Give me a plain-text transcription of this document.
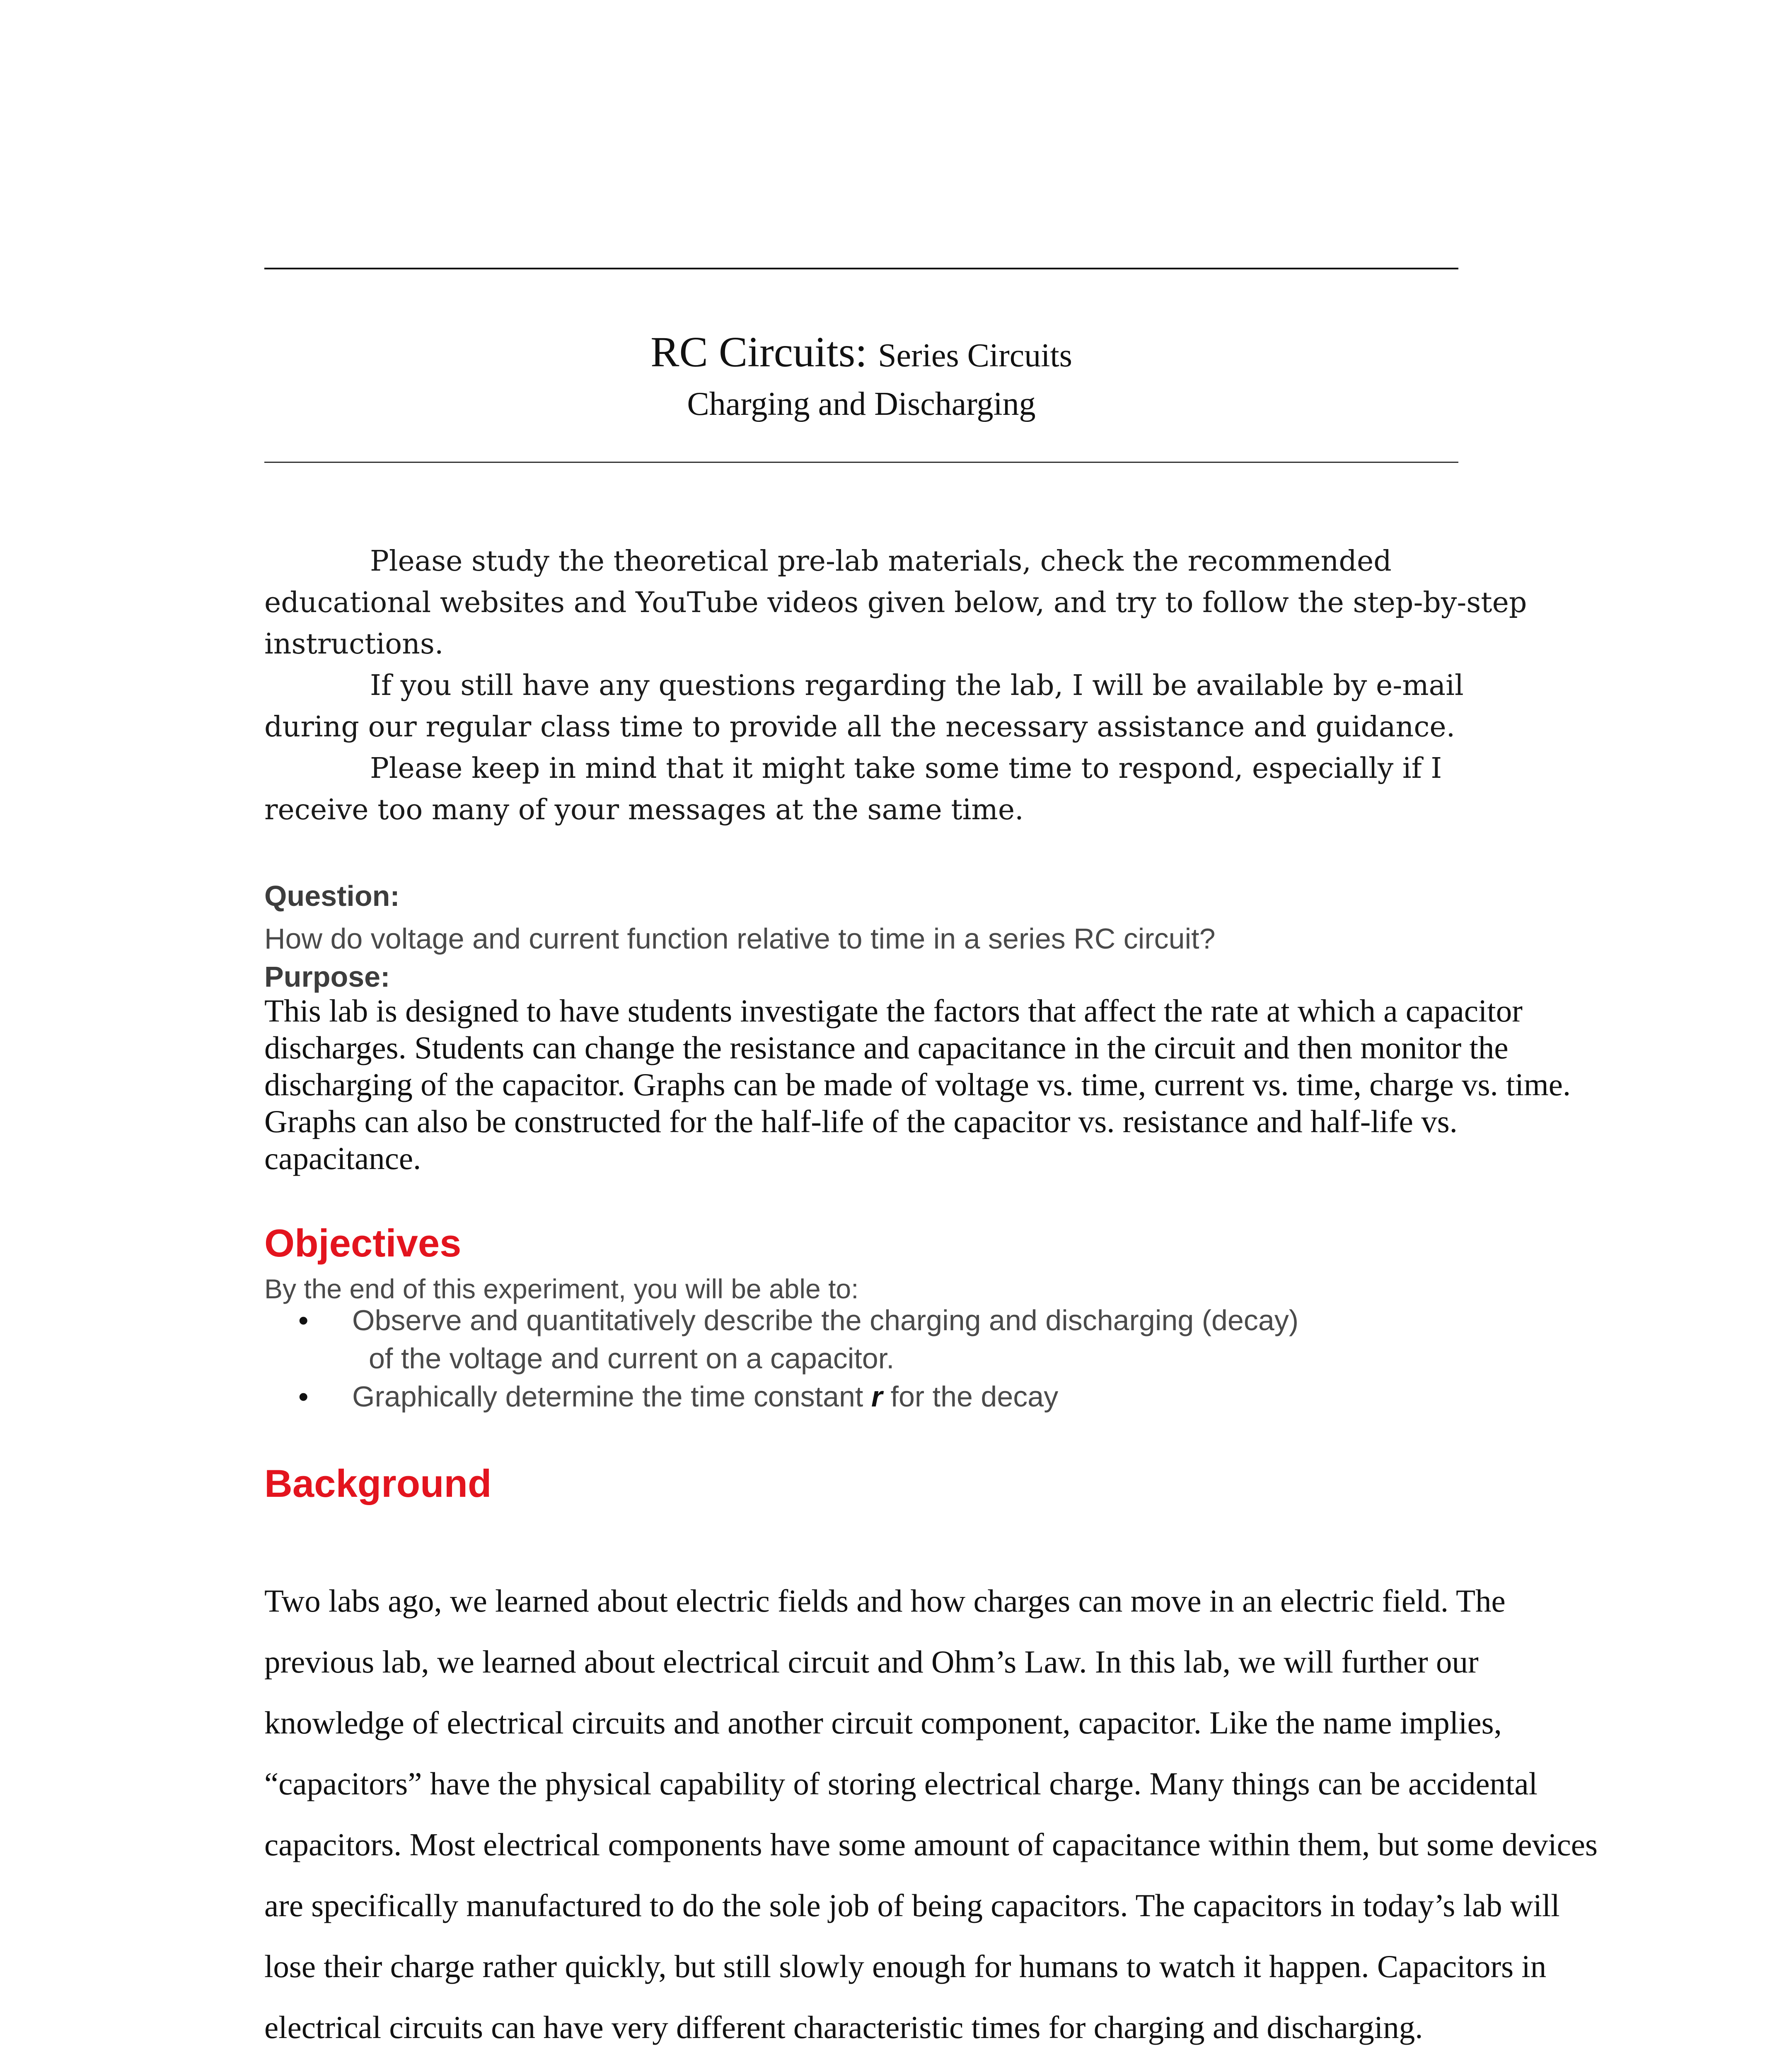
RC Circuits: Series Circuits
Charging and Discharging

Please study the theoretical pre-lab materials, check the recommended educational websites and YouTube videos given below, and try to follow the step-by-step instructions.

If you still have any questions regarding the lab, I will be available by e-mail during our regular class time to provide all the necessary assistance and guidance.

Please keep in mind that it might take some time to respond, especially if I receive too many of your messages at the same time.

Question:
How do voltage and current function relative to time in a series RC circuit?
Purpose:
This lab is designed to have students investigate the factors that affect the rate at which a capacitor discharges. Students can change the resistance and capacitance in the circuit and then monitor the discharging of the capacitor. Graphs can be made of voltage vs. time, current vs. time, charge vs. time. Graphs can also be constructed for the half-life of the capacitor vs. resistance and half-life vs. capacitance.
Objectives
By the end of this experiment, you will be able to:
• Observe and quantitatively describe the charging and discharging (decay)
of the voltage and current on a capacitor.
• Graphically determine the time constant r for the decay
Background
Two labs ago, we learned about electric fields and how charges can move in an electric field. The previous lab, we learned about electrical circuit and Ohm’s Law. In this lab, we will further our knowledge of electrical circuits and another circuit component, capacitor. Like the name implies, “capacitors” have the physical capability of storing electrical charge. Many things can be accidental capacitors. Most electrical components have some amount of capacitance within them, but some devices are specifically manufactured to do the sole job of being capacitors. The capacitors in today’s lab will lose their charge rather quickly, but still slowly enough for humans to watch it happen. Capacitors in electrical circuits can have very different characteristic times for charging and discharging.
